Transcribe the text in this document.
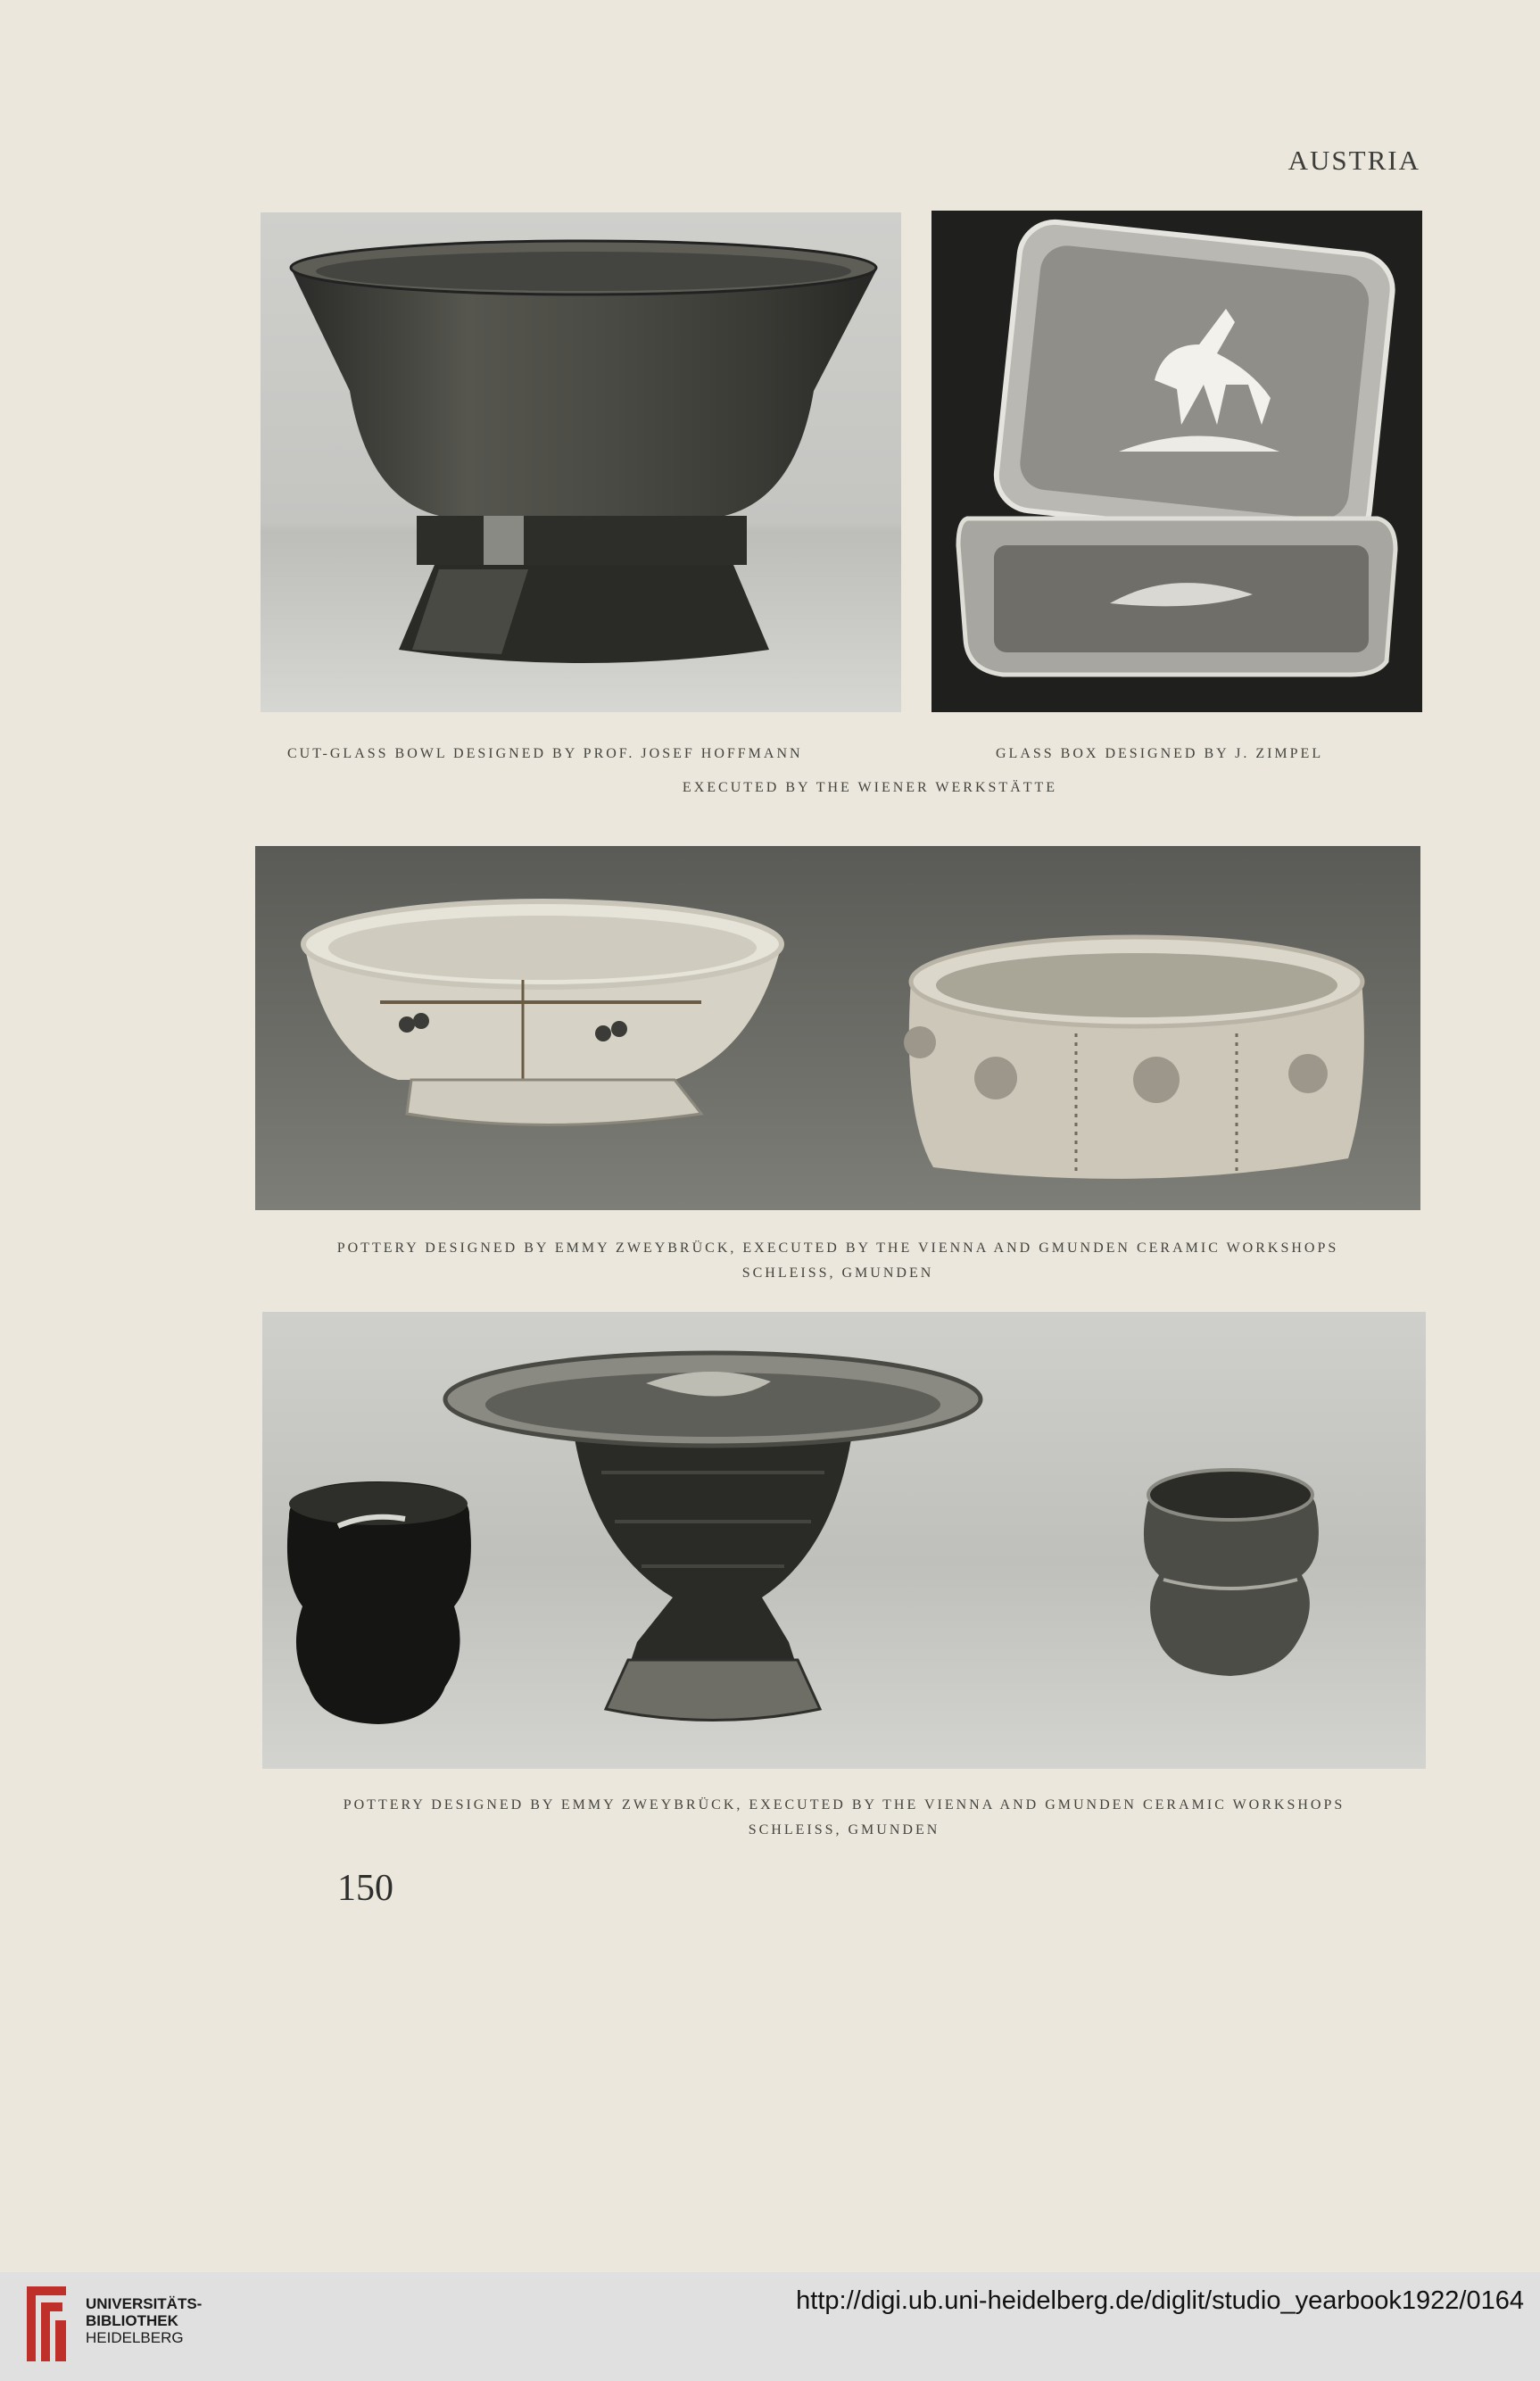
AUSTRIA
CUT-GLASS BOWL DESIGNED BY PROF. JOSEF HOFFMANN	GLASS BOX DESIGNED BY J. ZIMPEL
EXECUTED BY THE WIENER WERKSTÄTTE
POTTERY DESIGNED BY EMMY ZWEYBRÜCK, EXECUTED BY THE VIENNA AND GMUNDEN CERAMIC WORKSHOPS
SCHLEISS, GMUNDEN
POTTERY DESIGNED BY EMMY ZWEYBRÜCK, EXECUTED BY THE VIENNA AND GMUNDEN CERAMIC WORKSHOPS
SCHLEISS, GMUNDEN
150
UNIVERSITÄTS-
BIBLIOTHEK
HEIDELBERG
http://digi.ub.uni-heidelberg.de/diglit/studio_yearbook1922/0164
